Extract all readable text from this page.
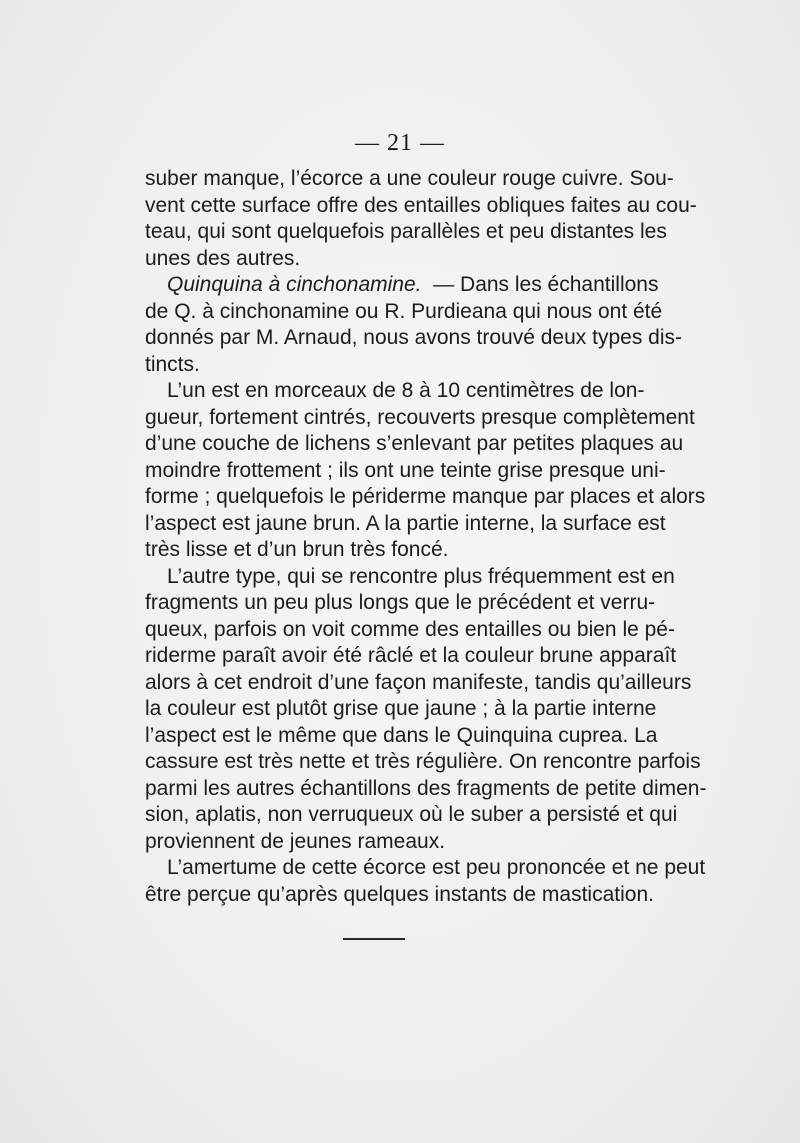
— 21 —
suber manque, l’écorce a une couleur rouge cuivre. Sou-
vent cette surface offre des entailles obliques faites au cou-
teau, qui sont quelquefois parallèles et peu distantes les
unes des autres.
Quinquina à cinchonamine. — Dans les échantillons
de Q. à cinchonamine ou R. Purdieana qui nous ont été
donnés par M. Arnaud, nous avons trouvé deux types dis-
tincts.
L’un est en morceaux de 8 à 10 centimètres de lon-
gueur, fortement cintrés, recouverts presque complètement
d’une couche de lichens s’enlevant par petites plaques au
moindre frottement ; ils ont une teinte grise presque uni-
forme ; quelquefois le périderme manque par places et alors
l’aspect est jaune brun. A la partie interne, la surface est
très lisse et d’un brun très foncé.
L’autre type, qui se rencontre plus fréquemment est en
fragments un peu plus longs que le précédent et verru-
queux, parfois on voit comme des entailles ou bien le pé-
riderme paraît avoir été râclé et la couleur brune apparaît
alors à cet endroit d’une façon manifeste, tandis qu’ailleurs
la couleur est plutôt grise que jaune ; à la partie interne
l’aspect est le même que dans le Quinquina cuprea. La
cassure est très nette et très régulière. On rencontre parfois
parmi les autres échantillons des fragments de petite dimen-
sion, aplatis, non verruqueux où le suber a persisté et qui
proviennent de jeunes rameaux.
L’amertume de cette écorce est peu prononcée et ne peut
être perçue qu’après quelques instants de mastication.
